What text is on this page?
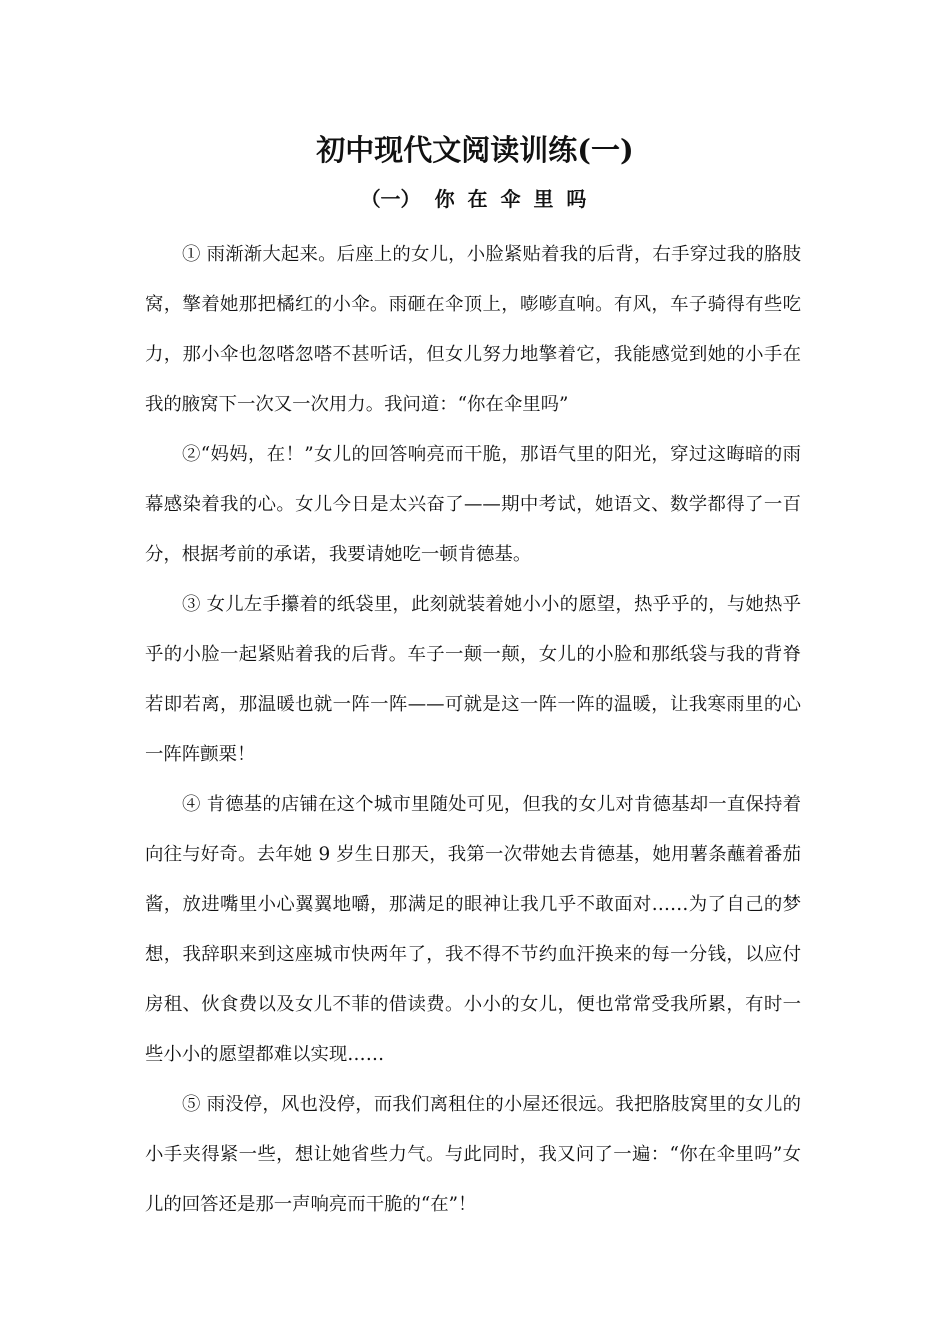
初中现代文阅读训练(一)
（一） 你 在 伞 里 吗

① 雨渐渐大起来。后座上的女儿，小脸紧贴着我的后背，右手穿过我的胳肢窝，擎着她那把橘红的小伞。雨砸在伞顶上，嘭嘭直响。有风，车子骑得有些吃力，那小伞也忽嗒忽嗒不甚听话，但女儿努力地擎着它，我能感觉到她的小手在我的腋窝下一次又一次用力。我问道：“你在伞里吗”

②“妈妈，在！”女儿的回答响亮而干脆，那语气里的阳光，穿过这晦暗的雨幕感染着我的心。女儿今日是太兴奋了——期中考试，她语文、数学都得了一百分，根据考前的承诺，我要请她吃一顿肯德基。

③ 女儿左手攥着的纸袋里，此刻就装着她小小的愿望，热乎乎的，与她热乎乎的小脸一起紧贴着我的后背。车子一颠一颠，女儿的小脸和那纸袋与我的背脊若即若离，那温暖也就一阵一阵——可就是这一阵一阵的温暖，让我寒雨里的心一阵阵颤栗！

④ 肯德基的店铺在这个城市里随处可见，但我的女儿对肯德基却一直保持着向往与好奇。去年她 9 岁生日那天，我第一次带她去肯德基，她用薯条蘸着番茄酱，放进嘴里小心翼翼地嚼，那满足的眼神让我几乎不敢面对……为了自己的梦想，我辞职来到这座城市快两年了，我不得不节约血汗换来的每一分钱，以应付房租、伙食费以及女儿不菲的借读费。小小的女儿，便也常常受我所累，有时一些小小的愿望都难以实现……

⑤ 雨没停，风也没停，而我们离租住的小屋还很远。我把胳肢窝里的女儿的小手夹得紧一些，想让她省些力气。与此同时，我又问了一遍：“你在伞里吗”女儿的回答还是那一声响亮而干脆的“在”！
